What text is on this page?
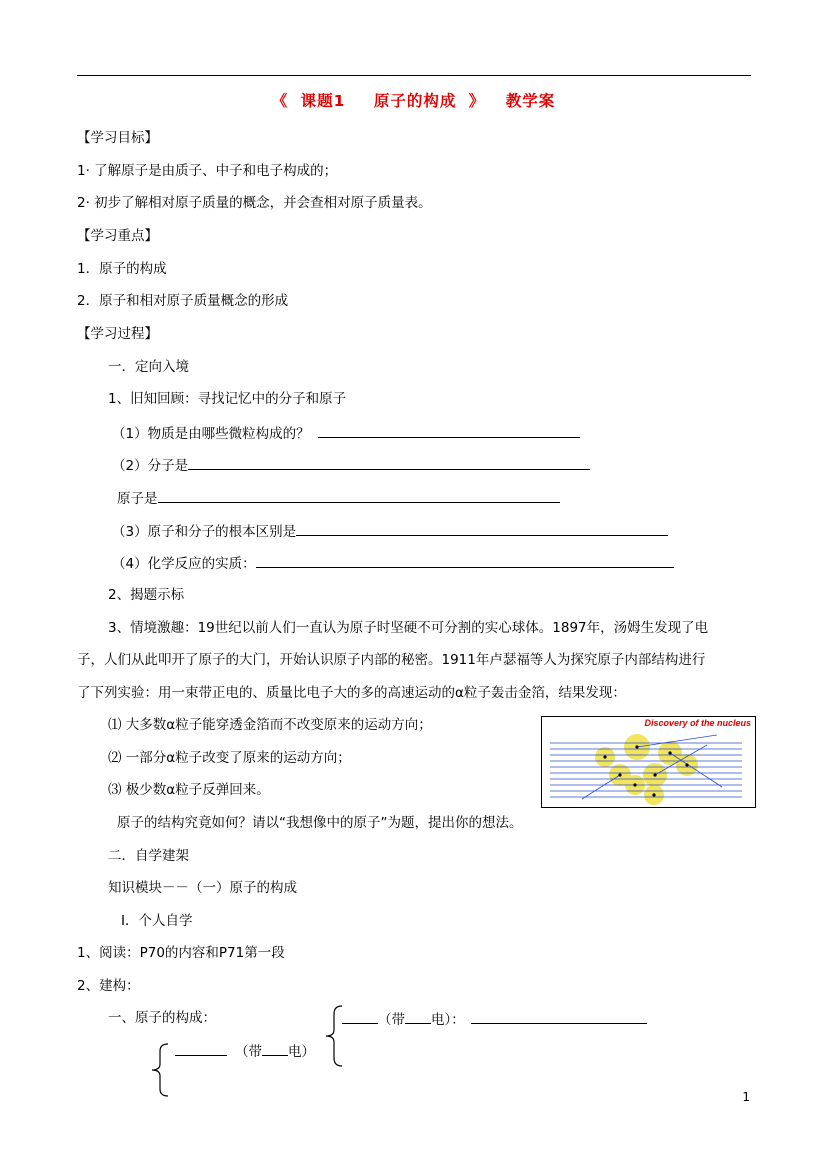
《 课题1 原子的构成 》 教学案
【学习目标】
1· 了解原子是由质子、中子和电子构成的；
2· 初步了解相对原子质量的概念，并会查相对原子质量表。
【学习重点】
1．原子的构成
2．原子和相对原子质量概念的形成
【学习过程】
一．定向入境
1、旧知回顾：寻找记忆中的分子和原子
（1）物质是由哪些微粒构成的？
（2）分子是
原子是
（3）原子和分子的根本区别是
（4）化学反应的实质：
2、揭题示标
3、情境激趣：19世纪以前人们一直认为原子时坚硬不可分割的实心球体。1897年，汤姆生发现了电
子，人们从此叩开了原子的大门，开始认识原子内部的秘密。1911年卢瑟福等人为探究原子内部结构进行
了下列实验：用一束带正电的、质量比电子大的多的高速运动的α粒子轰击金箔，结果发现：
⑴ 大多数α粒子能穿透金箔而不改变原来的运动方向；
⑵ 一部分α粒子改变了原来的运动方向；
⑶ 极少数α粒子反弹回来。
Discovery of the nucleus
原子的结构究竟如何？请以“我想像中的原子”为题，提出你的想法。
二．自学建架
知识模块－－（一）原子的构成
Ⅰ．个人自学
1、阅读：P70的内容和P71第一段
2、建构：
一、原子的构成：	（带 电）：
（带 电）
1
